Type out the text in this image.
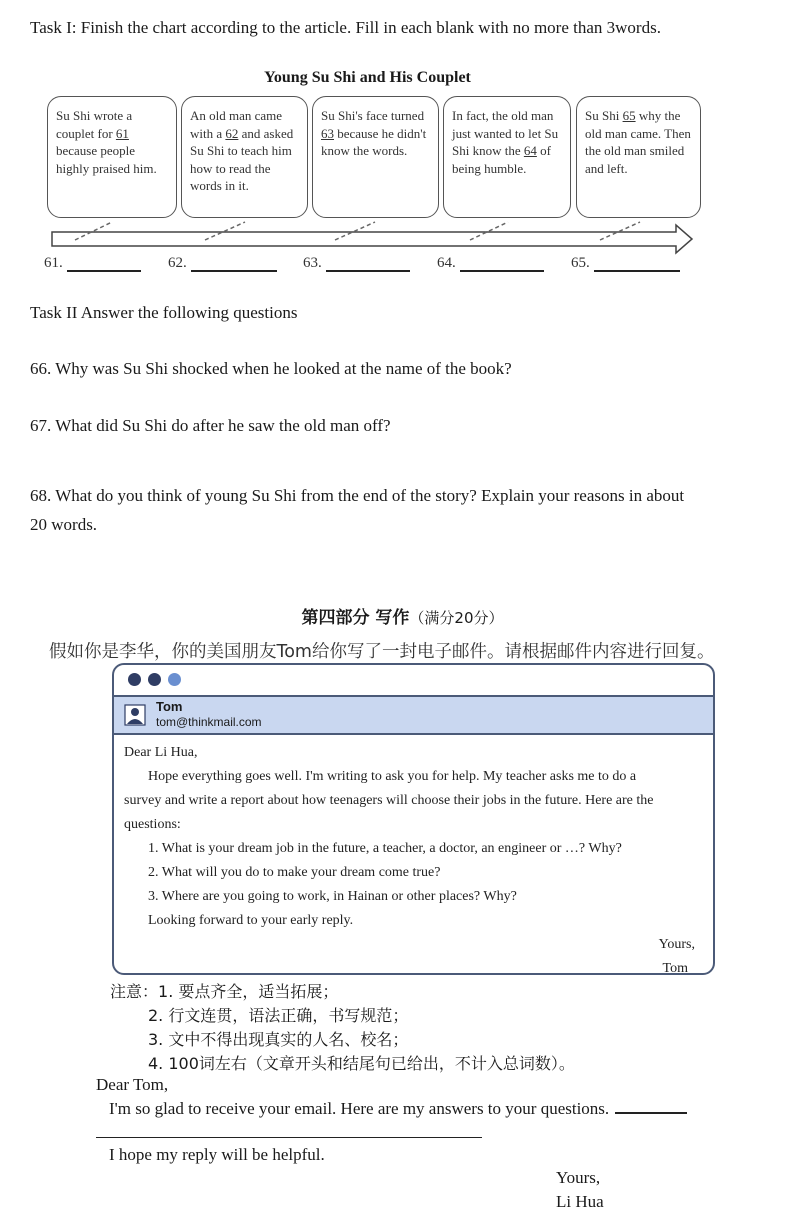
Task I: Finish the chart according to the article. Fill in each blank with no more than 3words.
Young Su Shi and His Couplet
Su Shi wrote a couplet for 61 because people highly praised him.
An old man came with a 62 and asked Su Shi to teach him how to read the words in it.
Su Shi's face turned 63 because he didn't know the words.
In fact, the old man just wanted to let Su Shi know the 64 of being humble.
Su Shi 65 why the old man came. Then the old man smiled and left.
61.	62.	63.	64.	65.
Task II Answer the following questions
66. Why was Su Shi shocked when he looked at the name of the book?
67. What did Su Shi do after he saw the old man off?
68. What do you think of young Su Shi from the end of the story? Explain your reasons in about
20 words.
第四部分 写作（满分20分）
假如你是李华，你的美国朋友Tom给你写了一封电子邮件。请根据邮件内容进行回复。
Tom
tom@thinkmail.com
Dear Li Hua,
Hope everything goes well. I'm writing to ask you for help. My teacher asks me to do a
survey and write a report about how teenagers will choose their jobs in the future. Here are the
questions:
1. What is your dream job in the future, a teacher, a doctor, an engineer or …? Why?
2. What will you do to make your dream come true?
3. Where are you going to work, in Hainan or other places? Why?
Looking forward to your early reply.
Yours,
Tom
注意：1. 要点齐全，适当拓展；
2. 行文连贯，语法正确，书写规范；
3. 文中不得出现真实的人名、校名；
4. 100词左右（文章开头和结尾句已给出，不计入总词数）。
Dear Tom,
I'm so glad to receive your email. Here are my answers to your questions.
I hope my reply will be helpful.
Yours,
Li Hua
